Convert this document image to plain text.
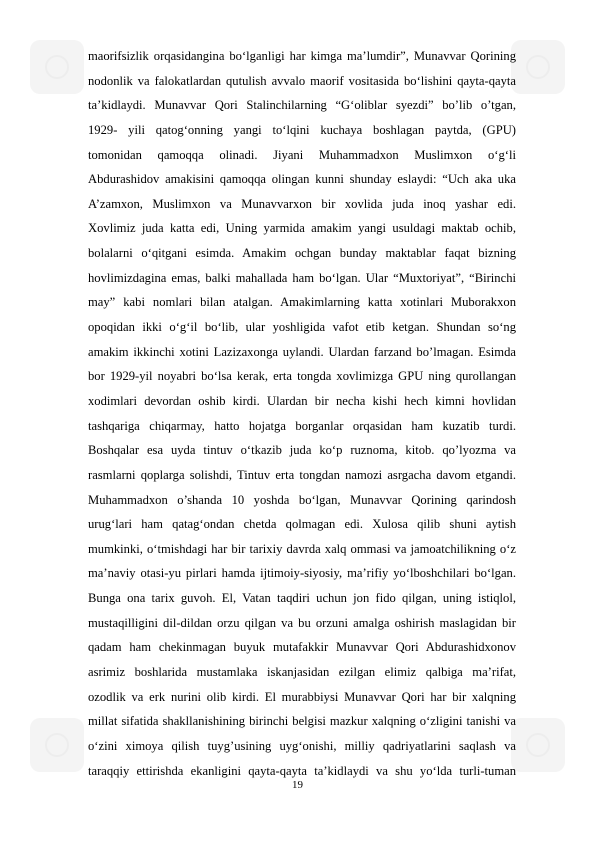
maorifsizlik orqasidangina bo‘lganligi har kimga ma’lumdir”, Munavvar Qorining
nodonlik va falokatlardan qutulish avvalo maorif vositasida bo‘lishini qayta-qayta
ta’kidlaydi. Munavvar Qori Stalinchilarning “G‘oliblar syezdi” bo’lib o’tgan,
1929- yili qatog‘onning yangi to‘lqini kuchaya boshlagan paytda, (GPU)
tomonidan qamoqqa olinadi. Jiyani Muhammadxon Muslimxon o‘g‘li
Abdurashidov amakisini qamoqqa olingan kunni shunday eslaydi: “Uch aka uka
A’zamxon, Muslimxon va Munavvarxon bir xovlida juda inoq yashar edi.
Xovlimiz juda katta edi, Uning yarmida amakim yangi usuldagi maktab ochib,
bolalarni o‘qitgani esimda. Amakim ochgan bunday maktablar faqat bizning
hovlimizdagina emas, balki mahallada ham bo‘lgan. Ular “Muxtoriyat”, “Birinchi
may” kabi nomlari bilan atalgan. Amakimlarning katta xotinlari Muborakxon
opoqidan ikki o‘g‘il bo‘lib, ular yoshligida vafot etib ketgan. Shundan so‘ng
amakim ikkinchi xotini Lazizaxonga uylandi. Ulardan farzand bo’lmagan. Esimda
bor 1929-yil noyabri bo‘lsa kerak, erta tongda xovlimizga GPU ning qurollangan
xodimlari devordan oshib kirdi. Ulardan bir necha kishi hech kimni hovlidan
tashqariga chiqarmay, hatto hojatga borganlar orqasidan ham kuzatib turdi.
Boshqalar esa uyda tintuv o‘tkazib juda ko‘p ruznoma, kitob. qo’lyozma va
rasmlarni qoplarga solishdi, Tintuv erta tongdan namozi asrgacha davom etgandi.
Muhammadxon o’shanda 10 yoshda bo‘lgan, Munavvar Qorining qarindosh
urug‘lari ham qatag‘ondan chetda qolmagan edi. Xulosa qilib shuni aytish
mumkinki, o‘tmishdagi har bir tarixiy davrda xalq ommasi va jamoatchilikning o‘z
ma’naviy otasi-yu pirlari hamda ijtimoiy-siyosiy, ma’rifiy yo‘lboshchilari bo‘lgan.
Bunga ona tarix guvoh. El, Vatan taqdiri uchun jon fido qilgan, uning istiqlol,
mustaqilligini dil-dildan orzu qilgan va bu orzuni amalga oshirish maslagidan bir
qadam ham chekinmagan buyuk mutafakkir Munavvar Qori Abdurashidxonov
asrimiz boshlarida mustamlaka iskanjasidan ezilgan elimiz qalbiga ma’rifat,
ozodlik va erk nurini olib kirdi. El murabbiysi Munavvar Qori har bir xalqning
millat sifatida shakllanishining birinchi belgisi mazkur xalqning o‘zligini tanishi va
o‘zini ximoya qilish tuyg’usining uyg‘onishi, milliy qadriyatlarini saqlash va
taraqqiy ettirishda ekanligini qayta-qayta ta’kidlaydi va shu yo‘lda turli-tuman
19
